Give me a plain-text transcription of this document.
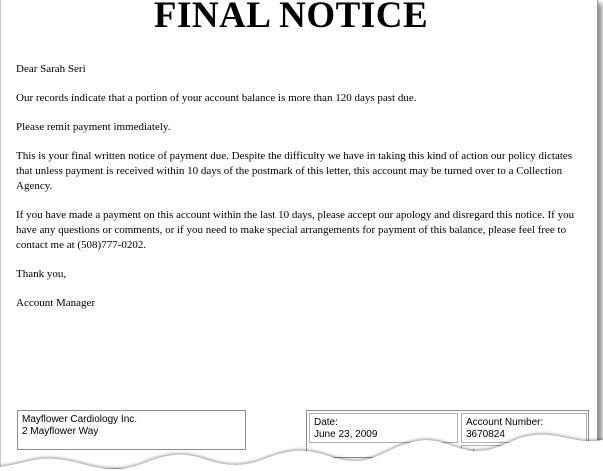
FINAL NOTICE

Dear Sarah Seri

Our records indicate that a portion of your account balance is more than 120 days past due.

Please remit payment immediately.

This is your final written notice of payment due. Despite the difficulty we have in taking this kind of action our policy dictates that unless payment is received within 10 days of the postmark of this letter, this account may be turned over to a Collection Agency.

If you have made a payment on this account within the last 10 days, please accept our apology and disregard this notice. If you have any questions or comments, or if you need to make special arrangements for payment of this balance, please feel free to contact me at (508)777-0202.

Thank you,

Account Manager

Mayflower Cardiology Inc.
2 Mayflower Way
Date:
June 23, 2009
Account Number:
3670824
